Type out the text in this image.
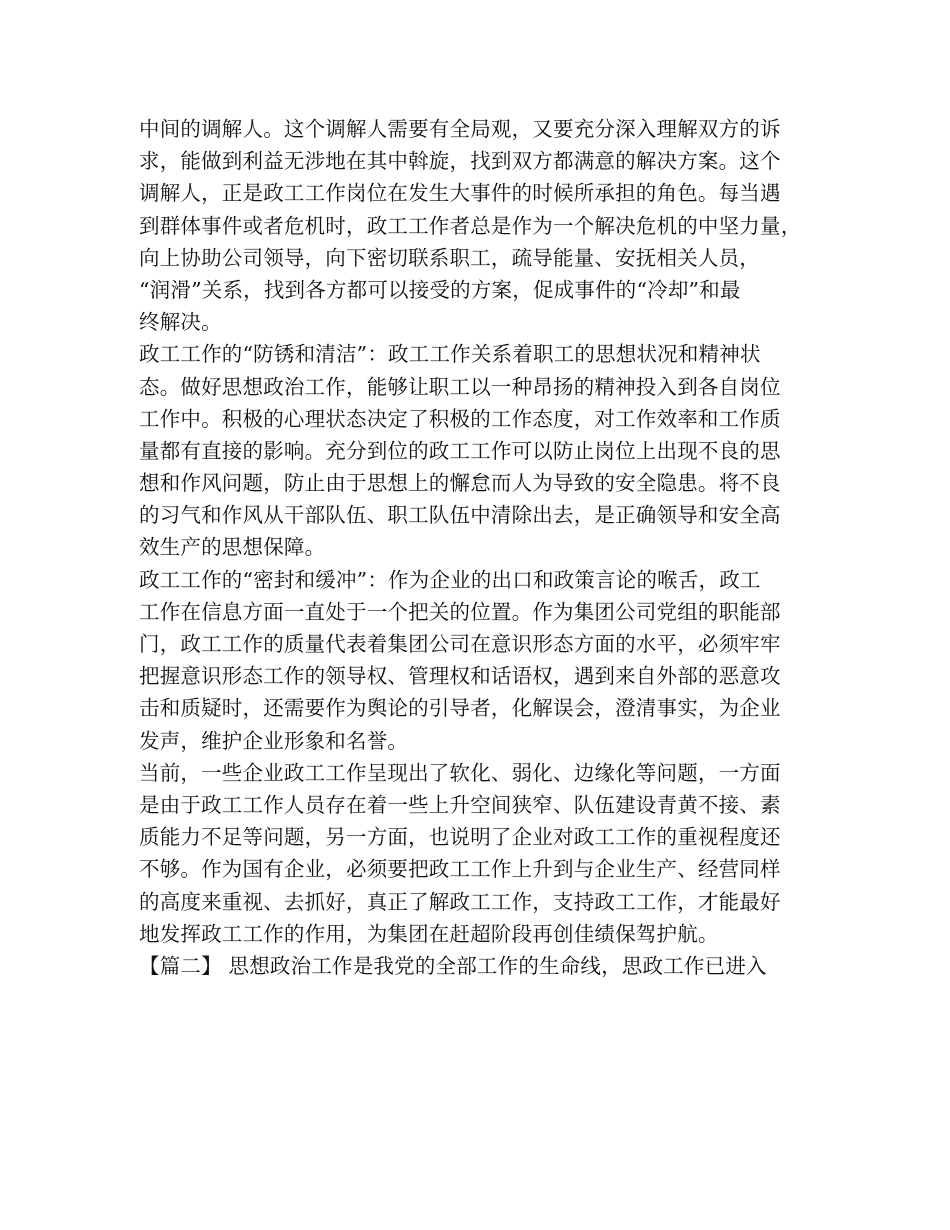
中间的调解人。这个调解人需要有全局观，又要充分深入理解双方的诉
求，能做到利益无涉地在其中斡旋，找到双方都满意的解决方案。这个
调解人，正是政工工作岗位在发生大事件的时候所承担的角色。每当遇
到群体事件或者危机时，政工工作者总是作为一个解决危机的中坚力量，
向上协助公司领导，向下密切联系职工，疏导能量、安抚相关人员，
“润滑”关系，找到各方都可以接受的方案，促成事件的“冷却”和最
终解决。
政工工作的“防锈和清洁”：政工工作关系着职工的思想状况和精神状
态。做好思想政治工作，能够让职工以一种昂扬的精神投入到各自岗位
工作中。积极的心理状态决定了积极的工作态度，对工作效率和工作质
量都有直接的影响。充分到位的政工工作可以防止岗位上出现不良的思
想和作风问题，防止由于思想上的懈怠而人为导致的安全隐患。将不良
的习气和作风从干部队伍、职工队伍中清除出去，是正确领导和安全高
效生产的思想保障。
政工工作的“密封和缓冲”：作为企业的出口和政策言论的喉舌，政工
工作在信息方面一直处于一个把关的位置。作为集团公司党组的职能部
门，政工工作的质量代表着集团公司在意识形态方面的水平，必须牢牢
把握意识形态工作的领导权、管理权和话语权，遇到来自外部的恶意攻
击和质疑时，还需要作为舆论的引导者，化解误会，澄清事实，为企业
发声，维护企业形象和名誉。
当前，一些企业政工工作呈现出了软化、弱化、边缘化等问题，一方面
是由于政工工作人员存在着一些上升空间狭窄、队伍建设青黄不接、素
质能力不足等问题，另一方面，也说明了企业对政工工作的重视程度还
不够。作为国有企业，必须要把政工工作上升到与企业生产、经营同样
的高度来重视、去抓好，真正了解政工工作，支持政工工作，才能最好
地发挥政工工作的作用，为集团在赶超阶段再创佳绩保驾护航。
【篇二】 思想政治工作是我党的全部工作的生命线，思政工作已进入
